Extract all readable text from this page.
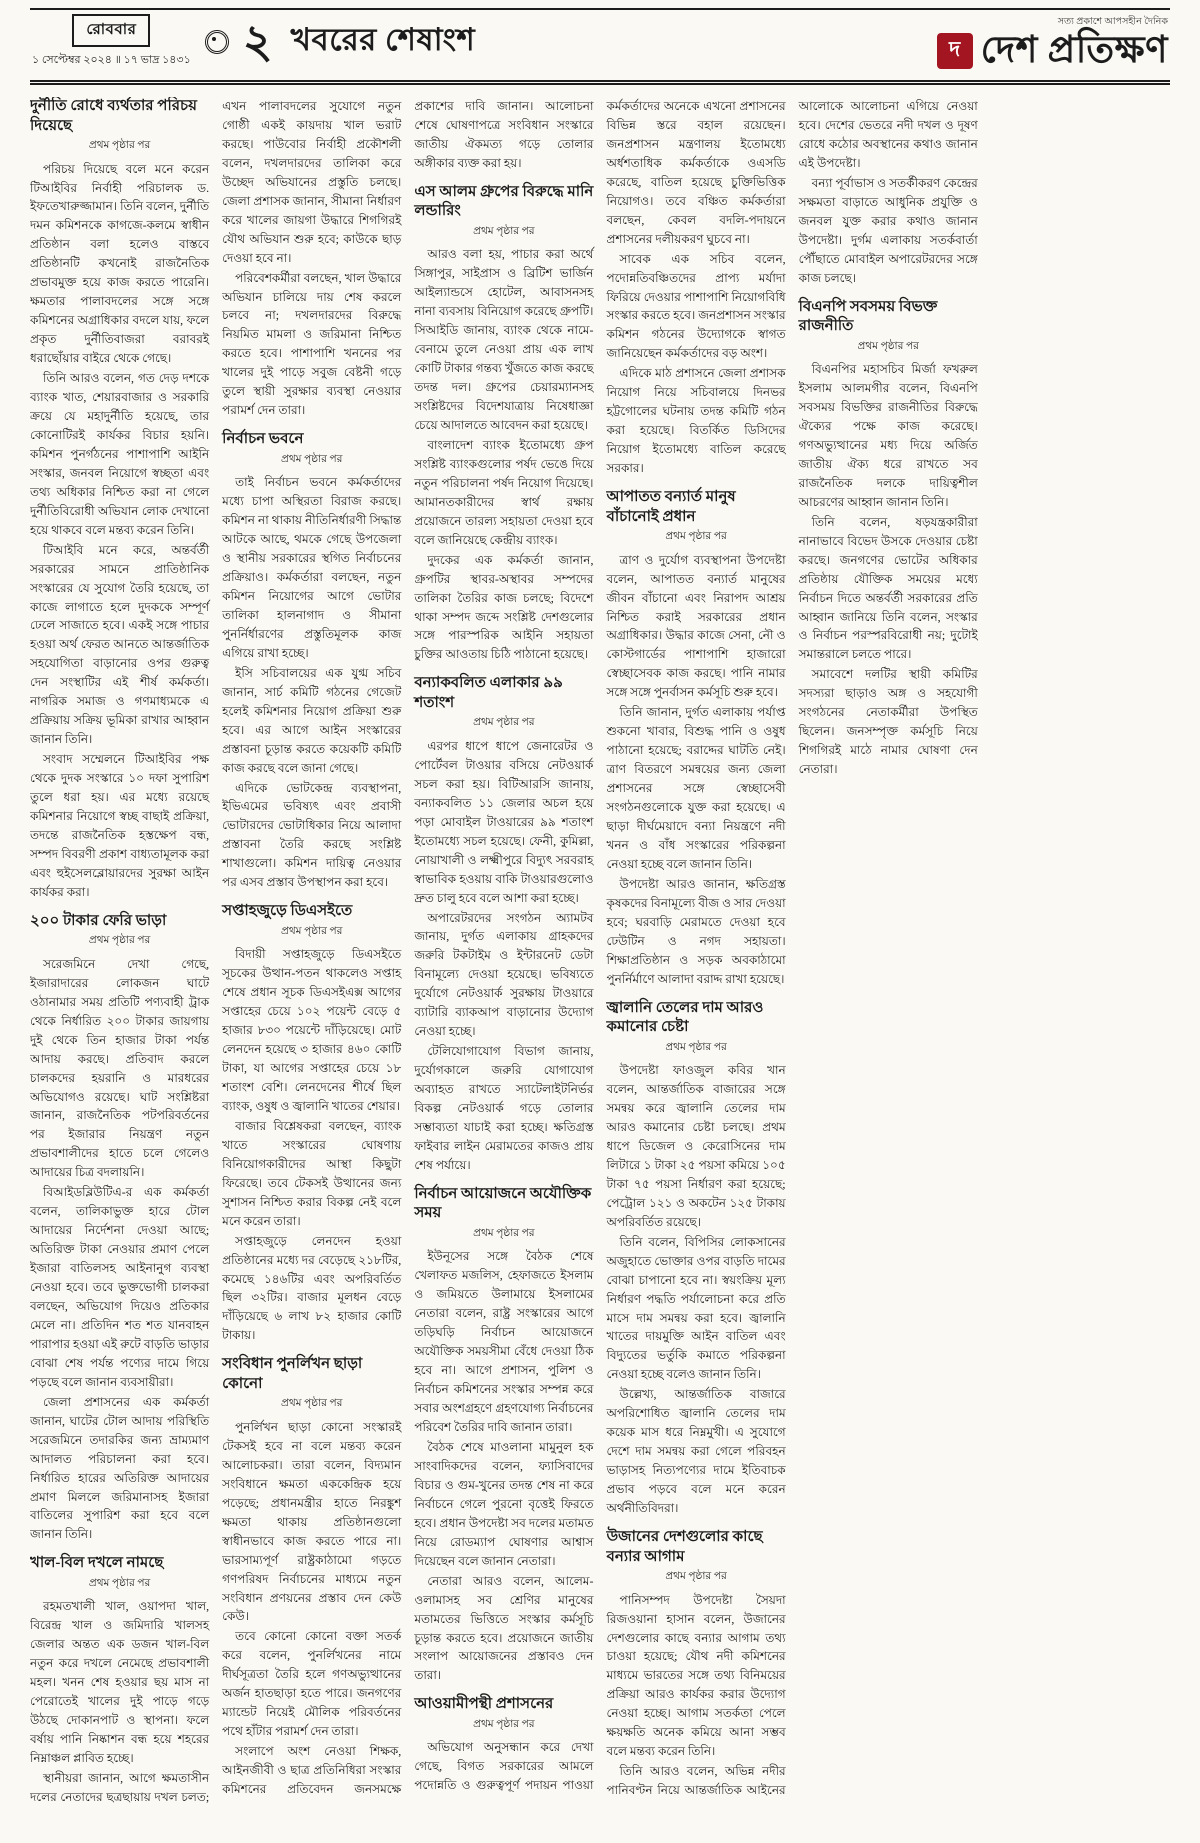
রোববার
১ সেপ্টেম্বর ২০২৪ ॥ ১৭ ভাদ্র ১৪৩১ ২ খবরের শেষাংশ	সত্য প্রকাশে আপসহীন দৈনিক
দ দেশ প্রতিক্ষণ
দুর্নীতি রোধে ব্যর্থতার পরিচয় দিয়েছে
প্রথম পৃষ্ঠার পর

পরিচয় দিয়েছে বলে মনে করেন টিআইবির নির্বাহী পরিচালক ড. ইফতেখারুজ্জামান। তিনি বলেন, দুর্নীতি দমন কমিশনকে কাগজে-কলমে স্বাধীন প্রতিষ্ঠান বলা হলেও বাস্তবে প্রতিষ্ঠানটি কখনোই রাজনৈতিক প্রভাবমুক্ত হয়ে কাজ করতে পারেনি। ক্ষমতার পালাবদলের সঙ্গে সঙ্গে কমিশনের অগ্রাধিকার বদলে যায়, ফলে প্রকৃত দুর্নীতিবাজরা বরাবরই ধরাছোঁয়ার বাইরে থেকে গেছে।

তিনি আরও বলেন, গত দেড় দশকে ব্যাংক খাত, শেয়ারবাজার ও সরকারি ক্রয়ে যে মহাদুর্নীতি হয়েছে, তার কোনোটিরই কার্যকর বিচার হয়নি। কমিশন পুনর্গঠনের পাশাপাশি আইনি সংস্কার, জনবল নিয়োগে স্বচ্ছতা এবং তথ্য অধিকার নিশ্চিত করা না গেলে দুর্নীতিবিরোধী অভিযান লোক দেখানো হয়ে থাকবে বলে মন্তব্য করেন তিনি।

টিআইবি মনে করে, অন্তর্বর্তী সরকারের সামনে প্রাতিষ্ঠানিক সংস্কারের যে সুযোগ তৈরি হয়েছে, তা কাজে লাগাতে হলে দুদককে সম্পূর্ণ ঢেলে সাজাতে হবে। একই সঙ্গে পাচার হওয়া অর্থ ফেরত আনতে আন্তর্জাতিক সহযোগিতা বাড়ানোর ওপর গুরুত্ব দেন সংস্থাটির এই শীর্ষ কর্মকর্তা। নাগরিক সমাজ ও গণমাধ্যমকে এ প্রক্রিয়ায় সক্রিয় ভূমিকা রাখার আহ্বান জানান তিনি।

সংবাদ সম্মেলনে টিআইবির পক্ষ থেকে দুদক সংস্কারে ১০ দফা সুপারিশ তুলে ধরা হয়। এর মধ্যে রয়েছে কমিশনার নিয়োগে স্বচ্ছ বাছাই প্রক্রিয়া, তদন্তে রাজনৈতিক হস্তক্ষেপ বন্ধ, সম্পদ বিবরণী প্রকাশ বাধ্যতামূলক করা এবং হুইসেলব্লোয়ারদের সুরক্ষা আইন কার্যকর করা।

২০০ টাকার ফেরি ভাড়া
প্রথম পৃষ্ঠার পর

সরেজমিনে দেখা গেছে, ইজারাদারের লোকজন ঘাটে ওঠানামার সময় প্রতিটি পণ্যবাহী ট্রাক থেকে নির্ধারিত ২০০ টাকার জায়গায় দুই থেকে তিন হাজার টাকা পর্যন্ত আদায় করছে। প্রতিবাদ করলে চালকদের হয়রানি ও মারধরের অভিযোগও রয়েছে। ঘাট সংশ্লিষ্টরা জানান, রাজনৈতিক পটপরিবর্তনের পর ইজারার নিয়ন্ত্রণ নতুন প্রভাবশালীদের হাতে চলে গেলেও আদায়ের চিত্র বদলায়নি।

বিআইডব্লিউটিএ-র এক কর্মকর্তা বলেন, তালিকাভুক্ত হারে টোল আদায়ের নির্দেশনা দেওয়া আছে; অতিরিক্ত টাকা নেওয়ার প্রমাণ পেলে ইজারা বাতিলসহ আইনানুগ ব্যবস্থা নেওয়া হবে। তবে ভুক্তভোগী চালকরা বলছেন, অভিযোগ দিয়েও প্রতিকার মেলে না। প্রতিদিন শত শত যানবাহন পারাপার হওয়া এই রুটে বাড়তি ভাড়ার বোঝা শেষ পর্যন্ত পণ্যের দামে গিয়ে পড়ছে বলে জানান ব্যবসায়ীরা।

জেলা প্রশাসনের এক কর্মকর্তা জানান, ঘাটের টোল আদায় পরিস্থিতি সরেজমিনে তদারকির জন্য ভ্রাম্যমাণ আদালত পরিচালনা করা হবে। নির্ধারিত হারের অতিরিক্ত আদায়ের প্রমাণ মিললে জরিমানাসহ ইজারা বাতিলের সুপারিশ করা হবে বলে জানান তিনি।

খাল-বিল দখলে নামছে
প্রথম পৃষ্ঠার পর

রহমতখালী খাল, ওয়াপদা খাল, বিরেন্দ্র খাল ও জমিদারি খালসহ জেলার অন্তত এক ডজন খাল-বিল নতুন করে দখলে নেমেছে প্রভাবশালী মহল। খনন শেষ হওয়ার ছয় মাস না পেরোতেই খালের দুই পাড়ে গড়ে উঠছে দোকানপাট ও স্থাপনা। ফলে বর্ষায় পানি নিষ্কাশন বন্ধ হয়ে শহরের নিম্নাঞ্চল প্লাবিত হচ্ছে।

স্থানীয়রা জানান, আগে ক্ষমতাসীন দলের নেতাদের ছত্রছায়ায় দখল চলত; এখন পালাবদলের সুযোগে নতুন গোষ্ঠী একই কায়দায় খাল ভরাট করছে। পাউবোর নির্বাহী প্রকৌশলী বলেন, দখলদারদের তালিকা করে উচ্ছেদ অভিযানের প্রস্তুতি চলছে। জেলা প্রশাসক জানান, সীমানা নির্ধারণ করে খালের জায়গা উদ্ধারে শিগগিরই যৌথ অভিযান শুরু হবে; কাউকে ছাড় দেওয়া হবে না।

পরিবেশকর্মীরা বলছেন, খাল উদ্ধারে অভিযান চালিয়ে দায় শেষ করলে চলবে না; দখলদারদের বিরুদ্ধে নিয়মিত মামলা ও জরিমানা নিশ্চিত করতে হবে। পাশাপাশি খননের পর খালের দুই পাড়ে সবুজ বেষ্টনী গড়ে তুলে স্থায়ী সুরক্ষার ব্যবস্থা নেওয়ার পরামর্শ দেন তারা।

নির্বাচন ভবনে
প্রথম পৃষ্ঠার পর

তাই নির্বাচন ভবনে কর্মকর্তাদের মধ্যে চাপা অস্থিরতা বিরাজ করছে। কমিশন না থাকায় নীতিনির্ধারণী সিদ্ধান্ত আটকে আছে, থমকে গেছে উপজেলা ও স্থানীয় সরকারের স্থগিত নির্বাচনের প্রক্রিয়াও। কর্মকর্তারা বলছেন, নতুন কমিশন নিয়োগের আগে ভোটার তালিকা হালনাগাদ ও সীমানা পুনর্নির্ধারণের প্রস্তুতিমূলক কাজ এগিয়ে রাখা হচ্ছে।

ইসি সচিবালয়ের এক যুগ্ম সচিব জানান, সার্চ কমিটি গঠনের গেজেট হলেই কমিশনার নিয়োগ প্রক্রিয়া শুরু হবে। এর আগে আইন সংস্কারের প্রস্তাবনা চূড়ান্ত করতে কয়েকটি কমিটি কাজ করছে বলে জানা গেছে।

এদিকে ভোটকেন্দ্র ব্যবস্থাপনা, ইভিএমের ভবিষ্যৎ এবং প্রবাসী ভোটারদের ভোটাধিকার নিয়ে আলাদা প্রস্তাবনা তৈরি করছে সংশ্লিষ্ট শাখাগুলো। কমিশন দায়িত্ব নেওয়ার পর এসব প্রস্তাব উপস্থাপন করা হবে।

সপ্তাহজুড়ে ডিএসইতে
প্রথম পৃষ্ঠার পর

বিদায়ী সপ্তাহজুড়ে ডিএসইতে সূচকের উত্থান-পতন থাকলেও সপ্তাহ শেষে প্রধান সূচক ডিএসইএক্স আগের সপ্তাহের চেয়ে ১০২ পয়েন্ট বেড়ে ৫ হাজার ৮৩০ পয়েন্টে দাঁড়িয়েছে। মোট লেনদেন হয়েছে ৩ হাজার ৪৬০ কোটি টাকা, যা আগের সপ্তাহের চেয়ে ১৮ শতাংশ বেশি। লেনদেনের শীর্ষে ছিল ব্যাংক, ওষুধ ও জ্বালানি খাতের শেয়ার।

বাজার বিশ্লেষকরা বলছেন, ব্যাংক খাতে সংস্কারের ঘোষণায় বিনিয়োগকারীদের আস্থা কিছুটা ফিরেছে। তবে টেকসই উত্থানের জন্য সুশাসন নিশ্চিত করার বিকল্প নেই বলে মনে করেন তারা।

সপ্তাহজুড়ে লেনদেন হওয়া প্রতিষ্ঠানের মধ্যে দর বেড়েছে ২১৮টির, কমেছে ১৪৬টির এবং অপরিবর্তিত ছিল ৩২টির। বাজার মূলধন বেড়ে দাঁড়িয়েছে ৬ লাখ ৮২ হাজার কোটি টাকায়।

সংবিধান পুনর্লিখন ছাড়া কোনো
প্রথম পৃষ্ঠার পর

পুনর্লিখন ছাড়া কোনো সংস্কারই টেকসই হবে না বলে মন্তব্য করেন আলোচকরা। তারা বলেন, বিদ্যমান সংবিধানে ক্ষমতা এককেন্দ্রিক হয়ে পড়েছে; প্রধানমন্ত্রীর হাতে নিরঙ্কুশ ক্ষমতা থাকায় প্রতিষ্ঠানগুলো স্বাধীনভাবে কাজ করতে পারে না। ভারসাম্যপূর্ণ রাষ্ট্রকাঠামো গড়তে গণপরিষদ নির্বাচনের মাধ্যমে নতুন সংবিধান প্রণয়নের প্রস্তাব দেন কেউ কেউ।

তবে কোনো কোনো বক্তা সতর্ক করে বলেন, পুনর্লিখনের নামে দীর্ঘসূত্রতা তৈরি হলে গণঅভ্যুত্থানের অর্জন হাতছাড়া হতে পারে। জনগণের ম্যান্ডেট নিয়েই মৌলিক পরিবর্তনের পথে হাঁটার পরামর্শ দেন তারা।

সংলাপে অংশ নেওয়া শিক্ষক, আইনজীবী ও ছাত্র প্রতিনিধিরা সংস্কার কমিশনের প্রতিবেদন জনসমক্ষে প্রকাশের দাবি জানান। আলোচনা শেষে ঘোষণাপত্রে সংবিধান সংস্কারে জাতীয় ঐকমত্য গড়ে তোলার অঙ্গীকার ব্যক্ত করা হয়।

এস আলম গ্রুপের বিরুদ্ধে মানি লন্ডারিং
প্রথম পৃষ্ঠার পর

আরও বলা হয়, পাচার করা অর্থে সিঙ্গাপুর, সাইপ্রাস ও ব্রিটিশ ভার্জিন আইল্যান্ডসে হোটেল, আবাসনসহ নানা ব্যবসায় বিনিয়োগ করেছে গ্রুপটি। সিআইডি জানায়, ব্যাংক থেকে নামে-বেনামে তুলে নেওয়া প্রায় এক লাখ কোটি টাকার গন্তব্য খুঁজতে কাজ করছে তদন্ত দল। গ্রুপের চেয়ারম্যানসহ সংশ্লিষ্টদের বিদেশযাত্রায় নিষেধাজ্ঞা চেয়ে আদালতে আবেদন করা হয়েছে।

বাংলাদেশ ব্যাংক ইতোমধ্যে গ্রুপ সংশ্লিষ্ট ব্যাংকগুলোর পর্ষদ ভেঙে দিয়ে নতুন পরিচালনা পর্ষদ নিয়োগ দিয়েছে। আমানতকারীদের স্বার্থ রক্ষায় প্রয়োজনে তারল্য সহায়তা দেওয়া হবে বলে জানিয়েছে কেন্দ্রীয় ব্যাংক।

দুদকের এক কর্মকর্তা জানান, গ্রুপটির স্থাবর-অস্থাবর সম্পদের তালিকা তৈরির কাজ চলছে; বিদেশে থাকা সম্পদ জব্দে সংশ্লিষ্ট দেশগুলোর সঙ্গে পারস্পরিক আইনি সহায়তা চুক্তির আওতায় চিঠি পাঠানো হয়েছে।

বন্যাকবলিত এলাকার ৯৯ শতাংশ
প্রথম পৃষ্ঠার পর

এরপর ধাপে ধাপে জেনারেটর ও পোর্টেবল টাওয়ার বসিয়ে নেটওয়ার্ক সচল করা হয়। বিটিআরসি জানায়, বন্যাকবলিত ১১ জেলার অচল হয়ে পড়া মোবাইল টাওয়ারের ৯৯ শতাংশ ইতোমধ্যে সচল হয়েছে। ফেনী, কুমিল্লা, নোয়াখালী ও লক্ষ্মীপুরে বিদ্যুৎ সরবরাহ স্বাভাবিক হওয়ায় বাকি টাওয়ারগুলোও দ্রুত চালু হবে বলে আশা করা হচ্ছে।

অপারেটরদের সংগঠন অ্যামটব জানায়, দুর্গত এলাকায় গ্রাহকদের জরুরি টকটাইম ও ইন্টারনেট ডেটা বিনামূল্যে দেওয়া হয়েছে। ভবিষ্যতে দুর্যোগে নেটওয়ার্ক সুরক্ষায় টাওয়ারে ব্যাটারি ব্যাকআপ বাড়ানোর উদ্যোগ নেওয়া হচ্ছে।

টেলিযোগাযোগ বিভাগ জানায়, দুর্যোগকালে জরুরি যোগাযোগ অব্যাহত রাখতে স্যাটেলাইটনির্ভর বিকল্প নেটওয়ার্ক গড়ে তোলার সম্ভাব্যতা যাচাই করা হচ্ছে। ক্ষতিগ্রস্ত ফাইবার লাইন মেরামতের কাজও প্রায় শেষ পর্যায়ে।

নির্বাচন আয়োজনে অযৌক্তিক সময়
প্রথম পৃষ্ঠার পর

ইউনূসের সঙ্গে বৈঠক শেষে খেলাফত মজলিস, হেফাজতে ইসলাম ও জমিয়তে উলামায়ে ইসলামের নেতারা বলেন, রাষ্ট্র সংস্কারের আগে তড়িঘড়ি নির্বাচন আয়োজনে অযৌক্তিক সময়সীমা বেঁধে দেওয়া ঠিক হবে না। আগে প্রশাসন, পুলিশ ও নির্বাচন কমিশনের সংস্কার সম্পন্ন করে সবার অংশগ্রহণে গ্রহণযোগ্য নির্বাচনের পরিবেশ তৈরির দাবি জানান তারা।

বৈঠক শেষে মাওলানা মামুনুল হক সাংবাদিকদের বলেন, ফ্যাসিবাদের বিচার ও গুম-খুনের তদন্ত শেষ না করে নির্বাচনে গেলে পুরনো বৃত্তেই ফিরতে হবে। প্রধান উপদেষ্টা সব দলের মতামত নিয়ে রোডম্যাপ ঘোষণার আশ্বাস দিয়েছেন বলে জানান নেতারা।

নেতারা আরও বলেন, আলেম-ওলামাসহ সব শ্রেণির মানুষের মতামতের ভিত্তিতে সংস্কার কর্মসূচি চূড়ান্ত করতে হবে। প্রয়োজনে জাতীয় সংলাপ আয়োজনের প্রস্তাবও দেন তারা।

আওয়ামীপন্থী প্রশাসনের
প্রথম পৃষ্ঠার পর

অভিযোগ অনুসন্ধান করে দেখা গেছে, বিগত সরকারের আমলে পদোন্নতি ও গুরুত্বপূর্ণ পদায়ন পাওয়া কর্মকর্তাদের অনেকে এখনো প্রশাসনের বিভিন্ন স্তরে বহাল রয়েছেন। জনপ্রশাসন মন্ত্রণালয় ইতোমধ্যে অর্ধশতাধিক কর্মকর্তাকে ওএসডি করেছে, বাতিল হয়েছে চুক্তিভিত্তিক নিয়োগও। তবে বঞ্চিত কর্মকর্তারা বলছেন, কেবল বদলি-পদায়নে প্রশাসনের দলীয়করণ ঘুচবে না।

সাবেক এক সচিব বলেন, পদোন্নতিবঞ্চিতদের প্রাপ্য মর্যাদা ফিরিয়ে দেওয়ার পাশাপাশি নিয়োগবিধি সংস্কার করতে হবে। জনপ্রশাসন সংস্কার কমিশন গঠনের উদ্যোগকে স্বাগত জানিয়েছেন কর্মকর্তাদের বড় অংশ।

এদিকে মাঠ প্রশাসনে জেলা প্রশাসক নিয়োগ নিয়ে সচিবালয়ে দিনভর হট্টগোলের ঘটনায় তদন্ত কমিটি গঠন করা হয়েছে। বিতর্কিত ডিসিদের নিয়োগ ইতোমধ্যে বাতিল করেছে সরকার।

আপাতত বন্যার্ত মানুষ বাঁচানোই প্রধান
প্রথম পৃষ্ঠার পর

ত্রাণ ও দুর্যোগ ব্যবস্থাপনা উপদেষ্টা বলেন, আপাতত বন্যার্ত মানুষের জীবন বাঁচানো এবং নিরাপদ আশ্রয় নিশ্চিত করাই সরকারের প্রধান অগ্রাধিকার। উদ্ধার কাজে সেনা, নৌ ও কোস্টগার্ডের পাশাপাশি হাজারো স্বেচ্ছাসেবক কাজ করছে। পানি নামার সঙ্গে সঙ্গে পুনর্বাসন কর্মসূচি শুরু হবে।

তিনি জানান, দুর্গত এলাকায় পর্যাপ্ত শুকনো খাবার, বিশুদ্ধ পানি ও ওষুধ পাঠানো হয়েছে; বরাদ্দের ঘাটতি নেই। ত্রাণ বিতরণে সমন্বয়ের জন্য জেলা প্রশাসনের সঙ্গে স্বেচ্ছাসেবী সংগঠনগুলোকে যুক্ত করা হয়েছে। এ ছাড়া দীর্ঘমেয়াদে বন্যা নিয়ন্ত্রণে নদী খনন ও বাঁধ সংস্কারের পরিকল্পনা নেওয়া হচ্ছে বলে জানান তিনি।

উপদেষ্টা আরও জানান, ক্ষতিগ্রস্ত কৃষকদের বিনামূল্যে বীজ ও সার দেওয়া হবে; ঘরবাড়ি মেরামতে দেওয়া হবে ঢেউটিন ও নগদ সহায়তা। শিক্ষাপ্রতিষ্ঠান ও সড়ক অবকাঠামো পুনর্নির্মাণে আলাদা বরাদ্দ রাখা হয়েছে।

জ্বালানি তেলের দাম আরও কমানোর চেষ্টা
প্রথম পৃষ্ঠার পর

উপদেষ্টা ফাওজুল কবির খান বলেন, আন্তর্জাতিক বাজারের সঙ্গে সমন্বয় করে জ্বালানি তেলের দাম আরও কমানোর চেষ্টা চলছে। প্রথম ধাপে ডিজেল ও কেরোসিনের দাম লিটারে ১ টাকা ২৫ পয়সা কমিয়ে ১০৫ টাকা ৭৫ পয়সা নির্ধারণ করা হয়েছে; পেট্রোল ১২১ ও অকটেন ১২৫ টাকায় অপরিবর্তিত রয়েছে।

তিনি বলেন, বিপিসির লোকসানের অজুহাতে ভোক্তার ওপর বাড়তি দামের বোঝা চাপানো হবে না। স্বয়ংক্রিয় মূল্য নির্ধারণ পদ্ধতি পর্যালোচনা করে প্রতি মাসে দাম সমন্বয় করা হবে। জ্বালানি খাতের দায়মুক্তি আইন বাতিল এবং বিদ্যুতের ভর্তুকি কমাতে পরিকল্পনা নেওয়া হচ্ছে বলেও জানান তিনি।

উল্লেখ্য, আন্তর্জাতিক বাজারে অপরিশোধিত জ্বালানি তেলের দাম কয়েক মাস ধরে নিম্নমুখী। এ সুযোগে দেশে দাম সমন্বয় করা গেলে পরিবহন ভাড়াসহ নিত্যপণ্যের দামে ইতিবাচক প্রভাব পড়বে বলে মনে করেন অর্থনীতিবিদরা।

উজানের দেশগুলোর কাছে বন্যার আগাম
প্রথম পৃষ্ঠার পর

পানিসম্পদ উপদেষ্টা সৈয়দা রিজওয়ানা হাসান বলেন, উজানের দেশগুলোর কাছে বন্যার আগাম তথ্য চাওয়া হয়েছে; যৌথ নদী কমিশনের মাধ্যমে ভারতের সঙ্গে তথ্য বিনিময়ের প্রক্রিয়া আরও কার্যকর করার উদ্যোগ নেওয়া হচ্ছে। আগাম সতর্কতা পেলে ক্ষয়ক্ষতি অনেক কমিয়ে আনা সম্ভব বলে মন্তব্য করেন তিনি।

তিনি আরও বলেন, অভিন্ন নদীর পানিবণ্টন নিয়ে আন্তর্জাতিক আইনের আলোকে আলোচনা এগিয়ে নেওয়া হবে। দেশের ভেতরে নদী দখল ও দূষণ রোধে কঠোর অবস্থানের কথাও জানান এই উপদেষ্টা।

বন্যা পূর্বাভাস ও সতর্কীকরণ কেন্দ্রের সক্ষমতা বাড়াতে আধুনিক প্রযুক্তি ও জনবল যুক্ত করার কথাও জানান উপদেষ্টা। দুর্গম এলাকায় সতর্কবার্তা পৌঁছাতে মোবাইল অপারেটরদের সঙ্গে কাজ চলছে।

বিএনপি সবসময় বিভক্ত রাজনীতি
প্রথম পৃষ্ঠার পর

বিএনপির মহাসচিব মির্জা ফখরুল ইসলাম আলমগীর বলেন, বিএনপি সবসময় বিভক্তির রাজনীতির বিরুদ্ধে ঐক্যের পক্ষে কাজ করেছে। গণঅভ্যুত্থানের মধ্য দিয়ে অর্জিত জাতীয় ঐক্য ধরে রাখতে সব রাজনৈতিক দলকে দায়িত্বশীল আচরণের আহ্বান জানান তিনি।

তিনি বলেন, ষড়যন্ত্রকারীরা নানাভাবে বিভেদ উসকে দেওয়ার চেষ্টা করছে। জনগণের ভোটের অধিকার প্রতিষ্ঠায় যৌক্তিক সময়ের মধ্যে নির্বাচন দিতে অন্তর্বর্তী সরকারের প্রতি আহ্বান জানিয়ে তিনি বলেন, সংস্কার ও নির্বাচন পরস্পরবিরোধী নয়; দুটোই সমান্তরালে চলতে পারে।

সমাবেশে দলটির স্থায়ী কমিটির সদস্যরা ছাড়াও অঙ্গ ও সহযোগী সংগঠনের নেতাকর্মীরা উপস্থিত ছিলেন। জনসম্পৃক্ত কর্মসূচি নিয়ে শিগগিরই মাঠে নামার ঘোষণা দেন নেতারা।
